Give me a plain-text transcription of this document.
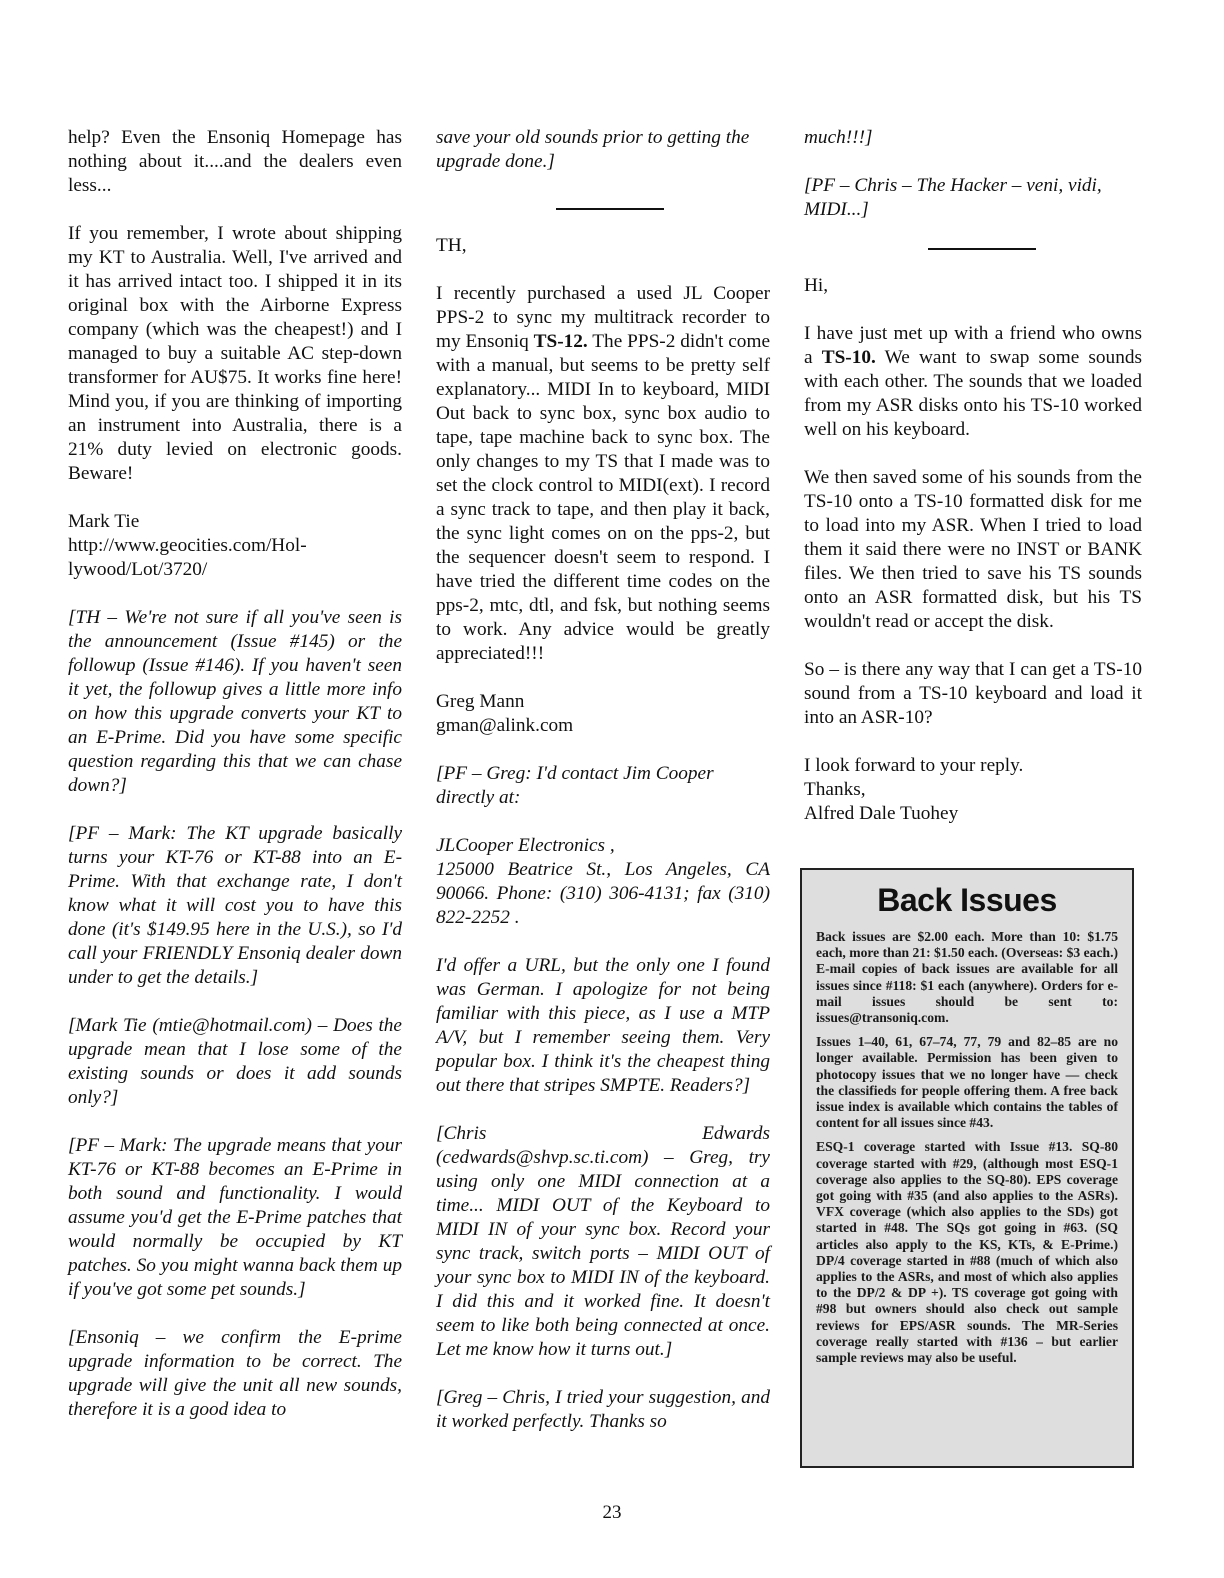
help? Even the Ensoniq Homepage has nothing about it....and the dealers even less...

If you remember, I wrote about shipping my KT to Australia. Well, I've arrived and it has arrived intact too. I shipped it in its original box with the Airborne Express company (which was the cheapest!) and I managed to buy a suitable AC step-down transformer for AU$75. It works fine here! Mind you, if you are thinking of importing an instrument into Australia, there is a 21% duty levied on electronic goods. Beware!

Mark Tie
http://www.geocities.com/Hol-
lywood/Lot/3720/

[TH – We're not sure if all you've seen is the announcement (Issue #145) or the followup (Issue #146). If you haven't seen it yet, the followup gives a little more info on how this upgrade converts your KT to an E-Prime. Did you have some specific question regarding this that we can chase down?]

[PF – Mark: The KT upgrade basically turns your KT-76 or KT-88 into an E-Prime. With that exchange rate, I don't know what it will cost you to have this done (it's $149.95 here in the U.S.), so I'd call your FRIENDLY Ensoniq dealer down under to get the details.]

[Mark Tie (mtie@hotmail.com) – Does the upgrade mean that I lose some of the existing sounds or does it add sounds only?]

[PF – Mark: The upgrade means that your KT-76 or KT-88 becomes an E-Prime in both sound and functionality. I would assume you'd get the E-Prime patches that would normally be occupied by KT patches. So you might wanna back them up if you've got some pet sounds.]

[Ensoniq – we confirm the E-prime upgrade information to be correct. The upgrade will give the unit all new sounds, therefore it is a good idea to

save your old sounds prior to getting the upgrade done.]

TH,

I recently purchased a used JL Cooper PPS-2 to sync my multitrack recorder to my Ensoniq TS-12. The PPS-2 didn't come with a manual, but seems to be pretty self explanatory... MIDI In to keyboard, MIDI Out back to sync box, sync box audio to tape, tape machine back to sync box. The only changes to my TS that I made was to set the clock control to MIDI(ext). I record a sync track to tape, and then play it back, the sync light comes on on the pps-2, but the sequencer doesn't seem to respond. I have tried the different time codes on the pps-2, mtc, dtl, and fsk, but nothing seems to work. Any advice would be greatly appreciated!!!

Greg Mann
gman@alink.com

[PF – Greg: I'd contact Jim Cooper directly at:

JLCooper Electronics ,
125000 Beatrice St., Los Angeles, CA 90066. Phone: (310) 306-4131; fax (310) 822-2252 .

I'd offer a URL, but the only one I found was German. I apologize for not being familiar with this piece, as I use a MTP A/V, but I remember seeing them. Very popular box. I think it's the cheapest thing out there that stripes SMPTE. Readers?]

[Chris Edwards (cedwards@shvp.sc.ti.com) – Greg, try using only one MIDI connection at a time... MIDI OUT of the Keyboard to MIDI IN of your sync box. Record your sync track, switch ports – MIDI OUT of your sync box to MIDI IN of the keyboard. I did this and it worked fine. It doesn't seem to like both being connected at once. Let me know how it turns out.]

[Greg – Chris, I tried your suggestion, and it worked perfectly. Thanks so

much!!!]

[PF – Chris – The Hacker – veni, vidi, MIDI...]

Hi,

I have just met up with a friend who owns a TS-10. We want to swap some sounds with each other. The sounds that we loaded from my ASR disks onto his TS-10 worked well on his keyboard.

We then saved some of his sounds from the TS-10 onto a TS-10 formatted disk for me to load into my ASR. When I tried to load them it said there were no INST or BANK files. We then tried to save his TS sounds onto an ASR formatted disk, but his TS wouldn't read or accept the disk.

So – is there any way that I can get a TS-10 sound from a TS-10 keyboard and load it into an ASR-10?

I look forward to your reply.
Thanks,
Alfred Dale Tuohey
Back Issues

Back issues are $2.00 each. More than 10: $1.75 each, more than 21: $1.50 each. (Overseas: $3 each.) E-mail copies of back issues are available for all issues since #118: $1 each (anywhere). Orders for e-mail issues should be sent to: issues@transoniq.com.

Issues 1–40, 61, 67–74, 77, 79 and 82–85 are no longer available. Permission has been given to photocopy issues that we no longer have — check the classifieds for people offering them. A free back issue index is available which contains the tables of content for all issues since #43.

ESQ-1 coverage started with Issue #13. SQ-80 coverage started with #29, (although most ESQ-1 coverage also applies to the SQ-80). EPS coverage got going with #35 (and also applies to the ASRs). VFX coverage (which also applies to the SDs) got started in #48. The SQs got going in #63. (SQ articles also apply to the KS, KTs, & E-Prime.) DP/4 coverage started in #88 (much of which also applies to the ASRs, and most of which also applies to the DP/2 & DP +). TS coverage got going with #98 but owners should also check out sample reviews for EPS/ASR sounds. The MR-Series coverage really started with #136 – but earlier sample reviews may also be useful.

23
